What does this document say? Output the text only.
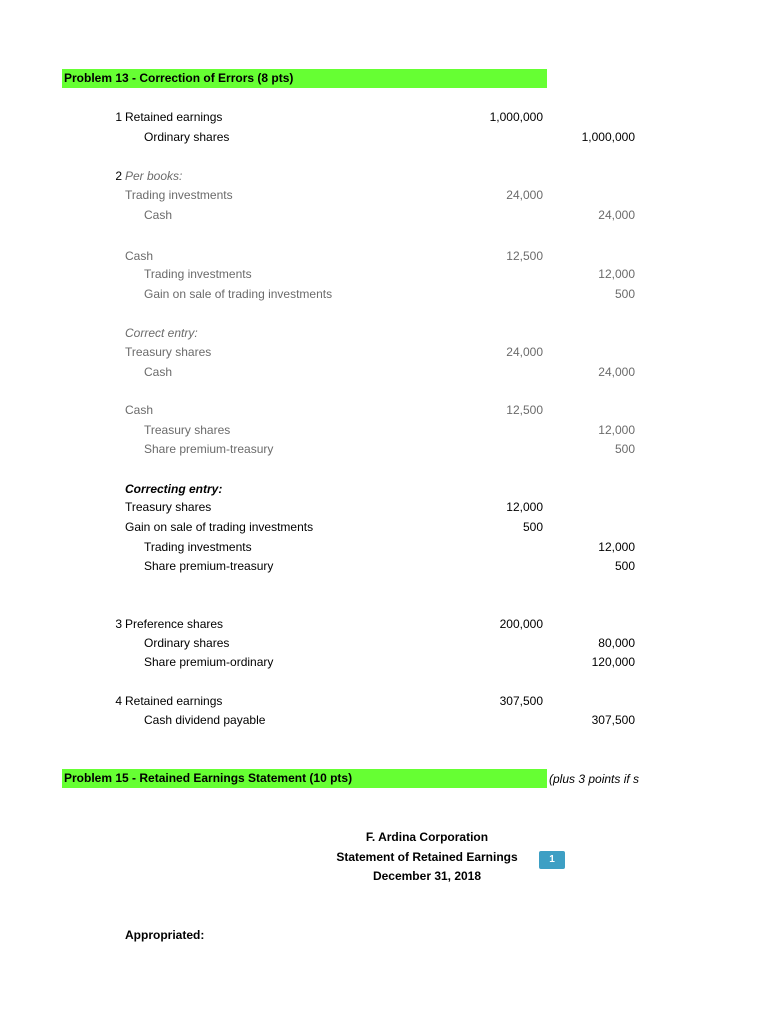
Problem 13 - Correction of Errors (8 pts)
1 Retained earnings	1,000,000
Ordinary shares	1,000,000
2 Per books:
Trading investments	24,000
Cash	24,000
Cash	12,500
Trading investments	12,000
Gain on sale of trading investments	500
Correct entry:
Treasury shares	24,000
Cash	24,000
Cash	12,500
Treasury shares	12,000
Share premium-treasury	500
Correcting entry:
Treasury shares	12,000
Gain on sale of trading investments	500
Trading investments	12,000
Share premium-treasury	500
3 Preference shares	200,000
Ordinary shares	80,000
Share premium-ordinary	120,000
4 Retained earnings	307,500
Cash dividend payable	307,500
Problem 15 - Retained Earnings Statement (10 pts)	(plus 3 points if s
F. Ardina Corporation
Statement of Retained Earnings
December 31, 2018
1
Appropriated:
